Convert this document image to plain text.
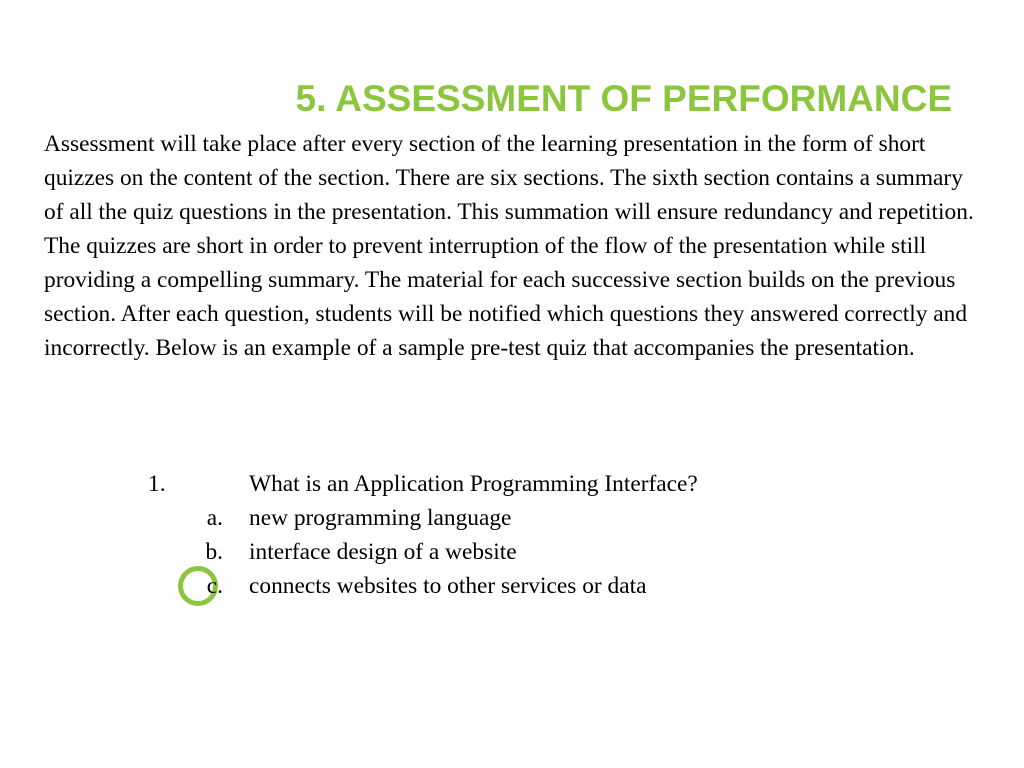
5. ASSESSMENT OF PERFORMANCE

Assessment will take place after every section of the learning presentation in the form of short quizzes on the content of the section. There are six sections. The sixth section contains a summary of all the quiz questions in the presentation. This summation will ensure redundancy and repetition. The quizzes are short in order to prevent interruption of the flow of the presentation while still providing a compelling summary. The material for each successive section builds on the previous section. After each question, students will be notified which questions they answered correctly and incorrectly. Below is an example of a sample pre-test quiz that accompanies the presentation.

1.	What is an Application Programming Interface?
a. new programming language
b. interface design of a website
c. connects websites to other services or data
